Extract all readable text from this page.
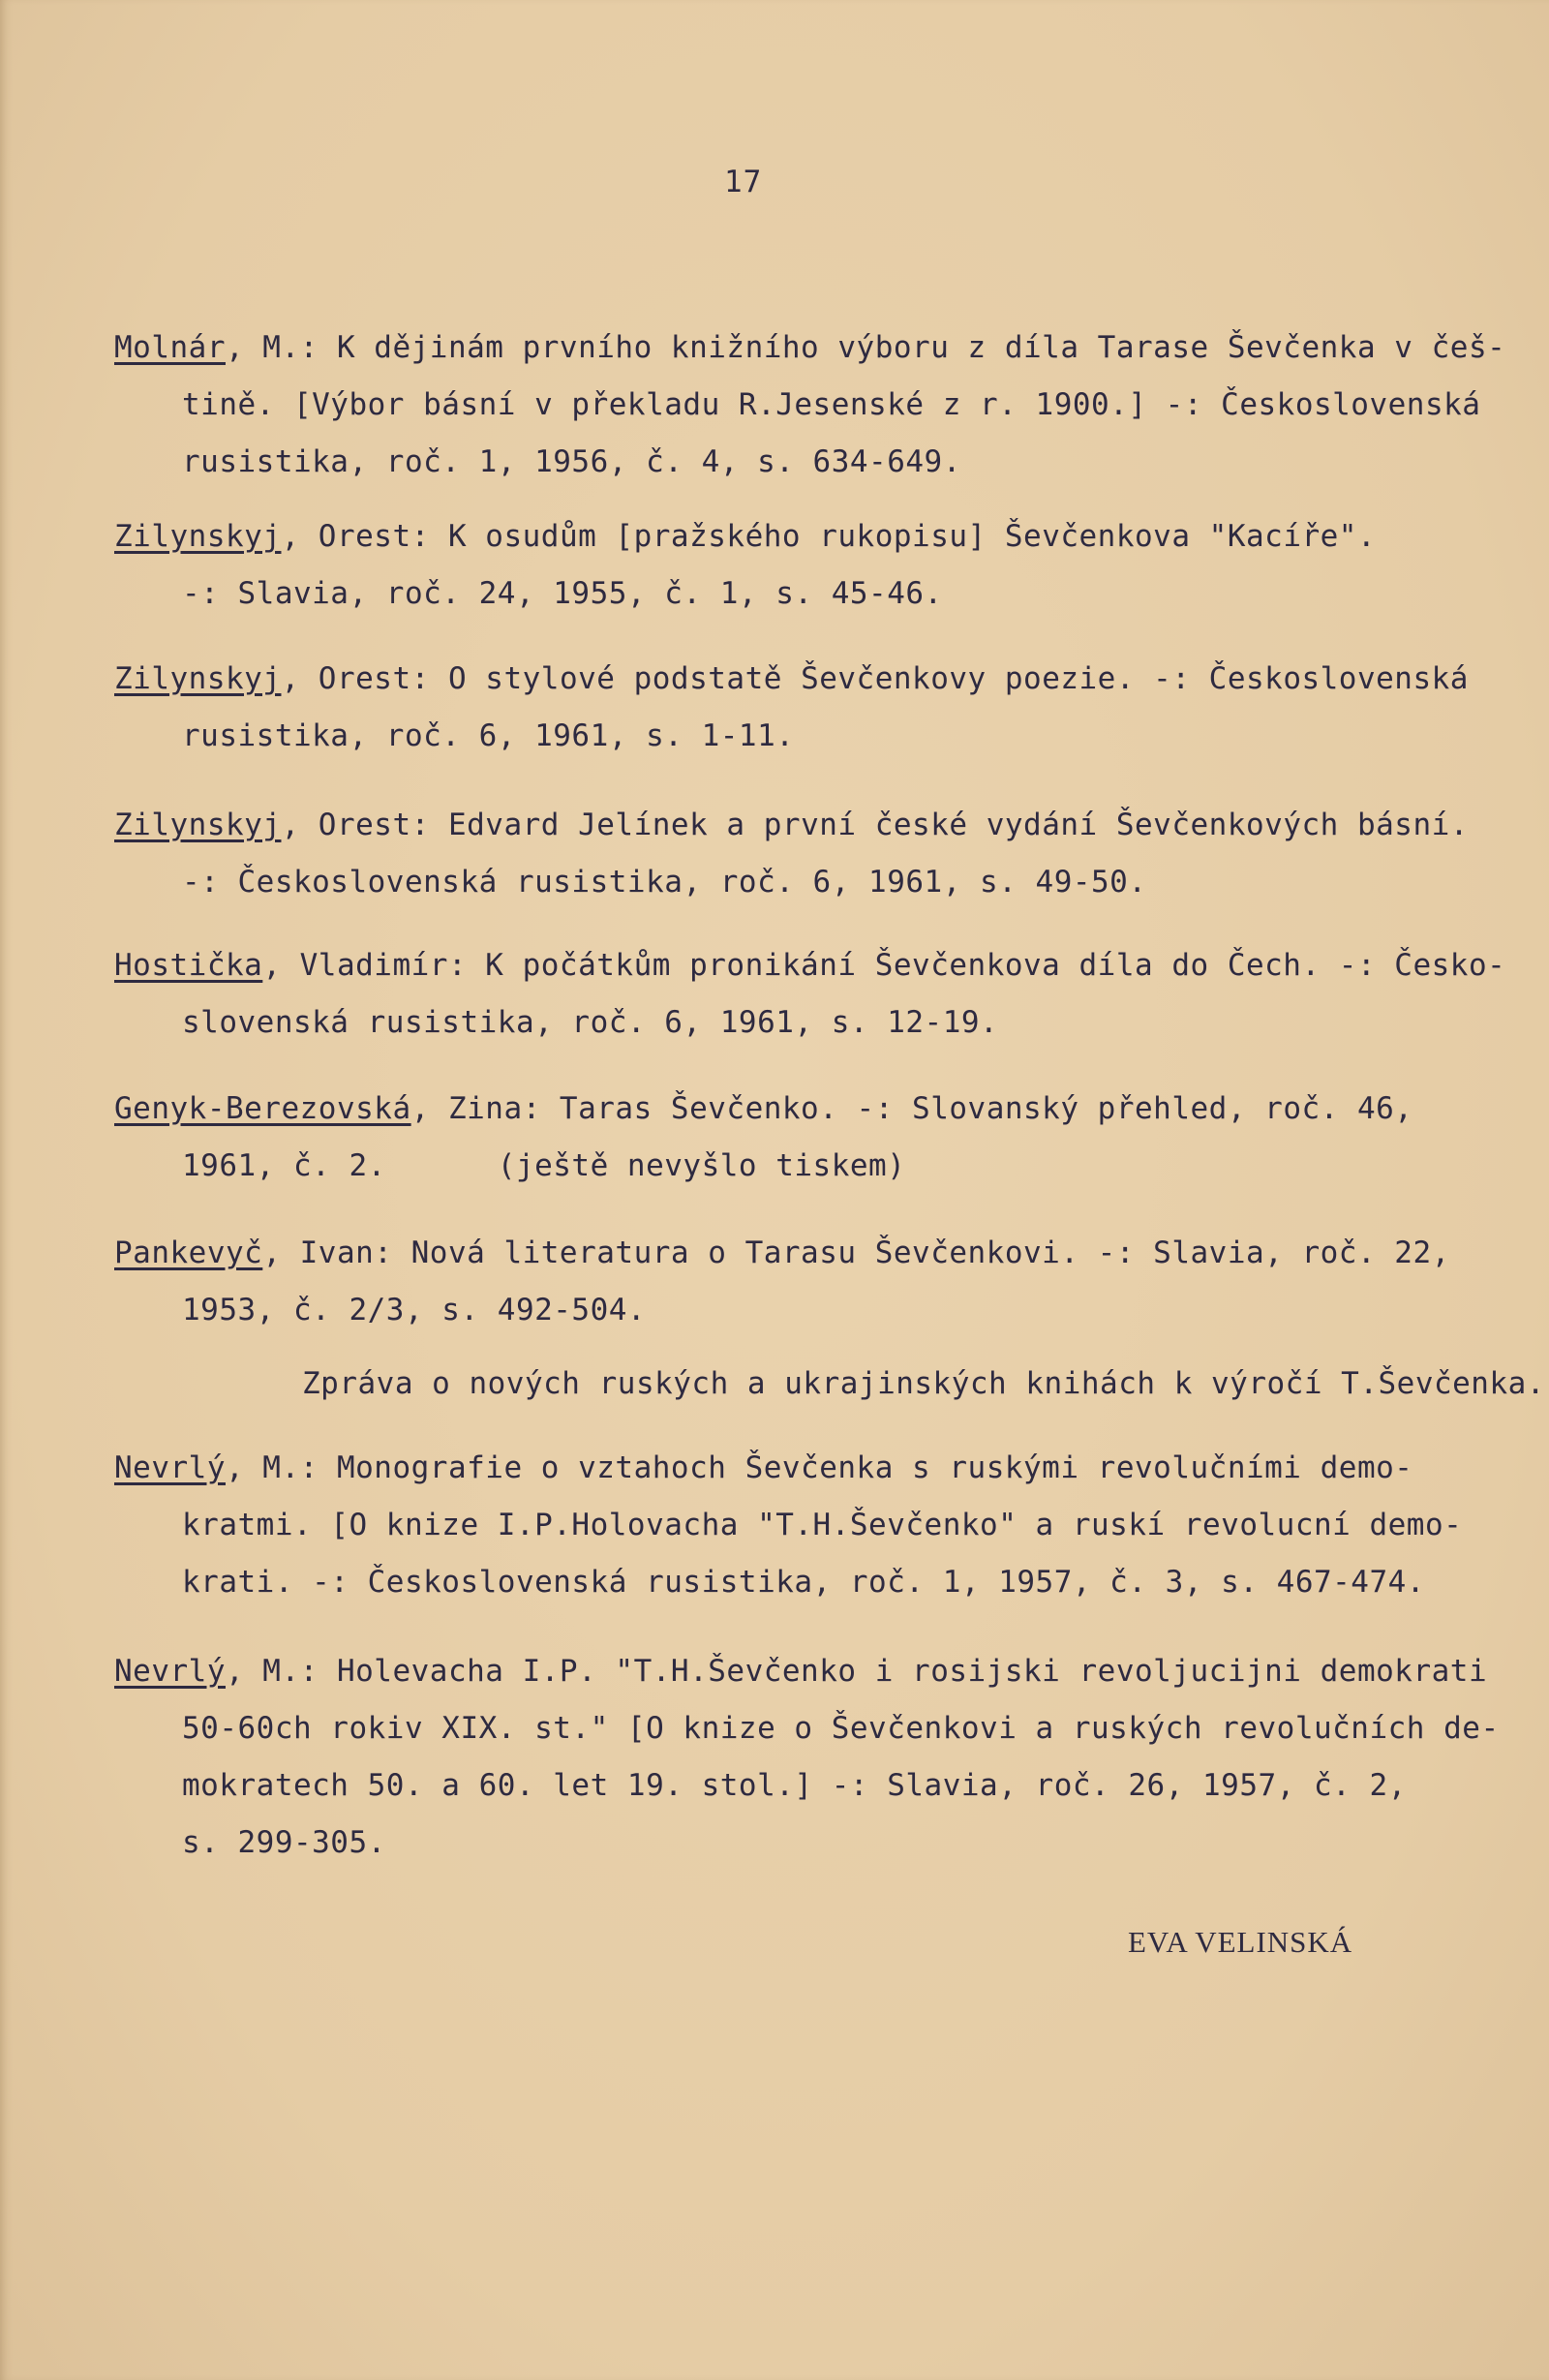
17
Molnár, M.: K dějinám prvního knižního výboru z díla Tarase Ševčenka v češ-
tině. [Výbor básní v překladu R.Jesenské z r. 1900.] -: Československá
rusistika, roč. 1, 1956, č. 4, s. 634-649.
Zilynskyj, Orest: K osudům [pražského rukopisu] Ševčenkova "Kacíře".
-: Slavia, roč. 24, 1955, č. 1, s. 45-46.
Zilynskyj, Orest: O stylové podstatě Ševčenkovy poezie. -: Československá
rusistika, roč. 6, 1961, s. 1-11.
Zilynskyj, Orest: Edvard Jelínek a první české vydání Ševčenkových básní.
-: Československá rusistika, roč. 6, 1961, s. 49-50.
Hostička, Vladimír: K počátkům pronikání Ševčenkova díla do Čech. -: Česko-
slovenská rusistika, roč. 6, 1961, s. 12-19.
Genyk-Berezovská, Zina: Taras Ševčenko. -: Slovanský přehled, roč. 46,
1961, č. 2.      (ještě nevyšlo tiskem)
Pankevyč, Ivan: Nová literatura o Tarasu Ševčenkovi. -: Slavia, roč. 22,
1953, č. 2/3, s. 492-504.
Zpráva o nových ruských a ukrajinských knihách k výročí T.Ševčenka.
Nevrlý, M.: Monografie o vztahoch Ševčenka s ruskými revolučními demo-
kratmi. [O knize I.P.Holovacha "T.H.Ševčenko" a ruskí revolucní demo-
krati. -: Československá rusistika, roč. 1, 1957, č. 3, s. 467-474.
Nevrlý, M.: Holevacha I.P. "T.H.Ševčenko i rosijski revoljucijni demokrati
50-60ch rokiv XIX. st." [O knize o Ševčenkovi a ruských revolučních de-
mokratech 50. a 60. let 19. stol.] -: Slavia, roč. 26, 1957, č. 2,
s. 299-305.
EVA VELINSKÁ
